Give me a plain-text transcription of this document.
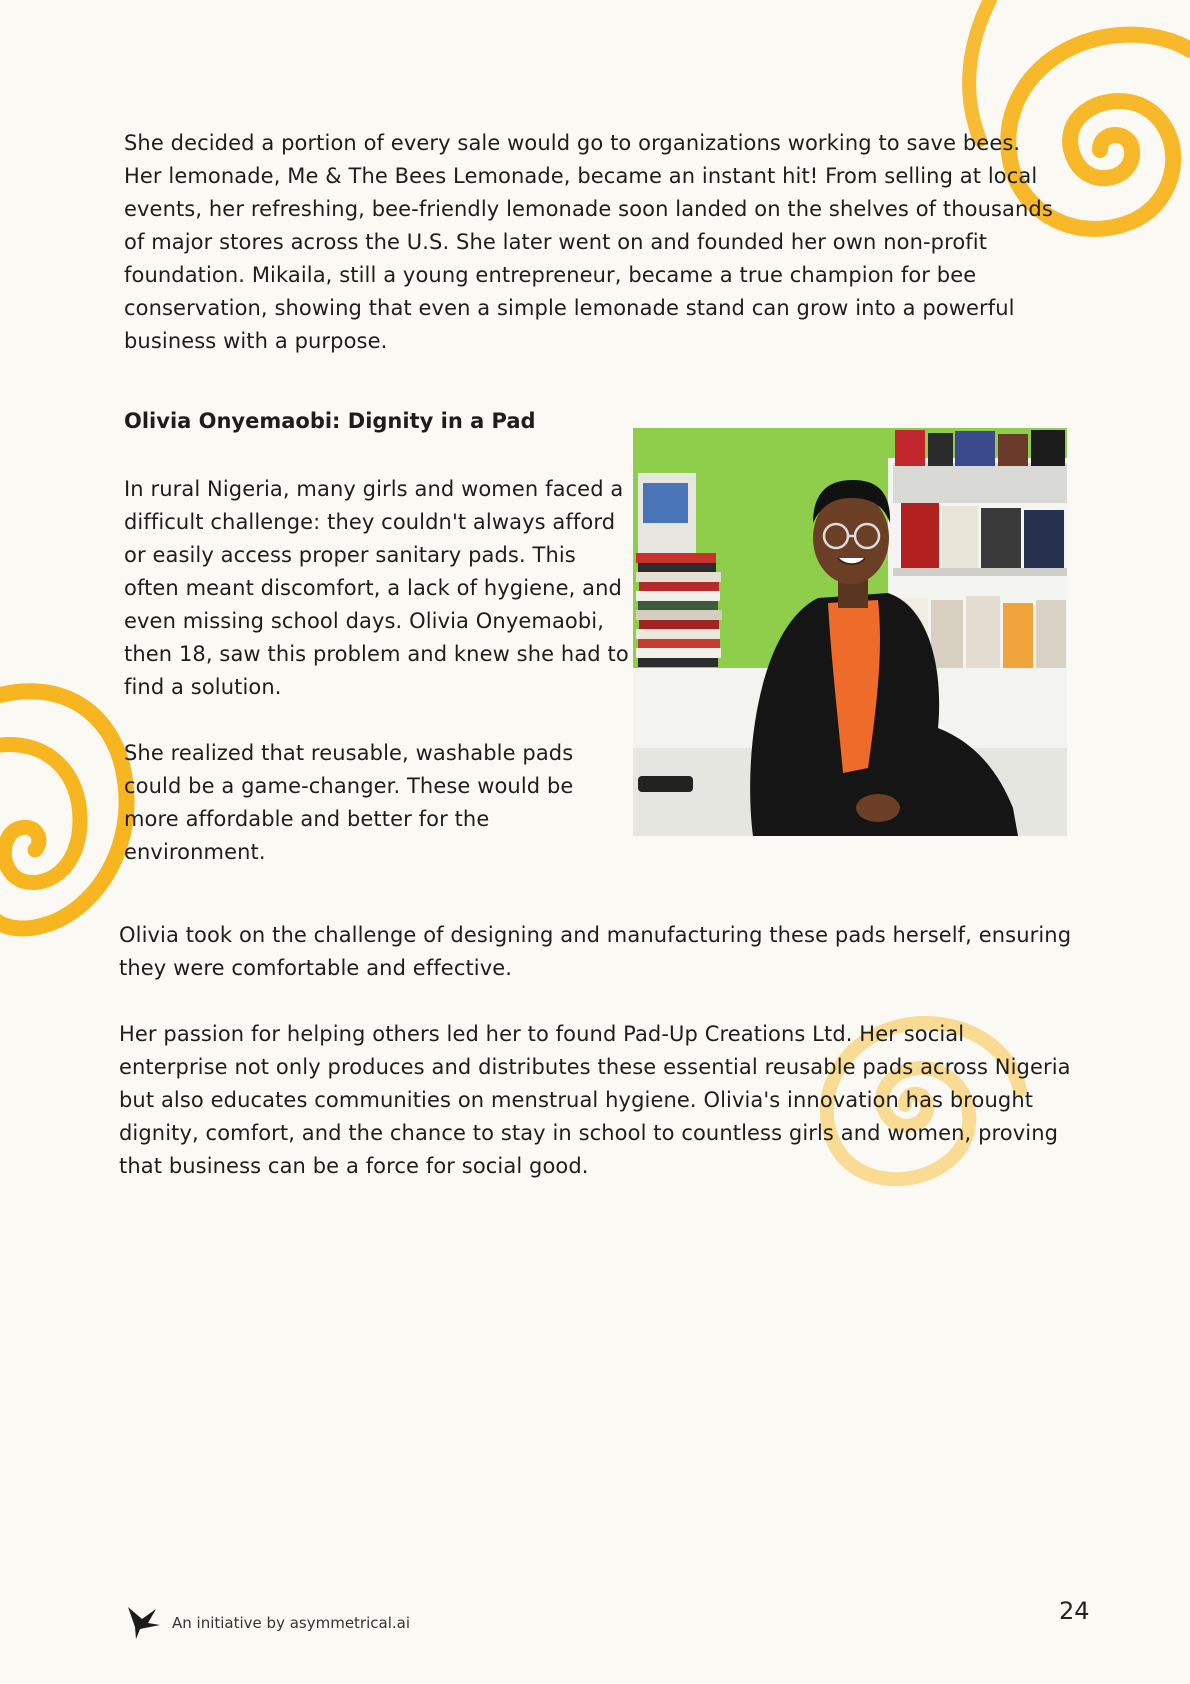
She decided a portion of every sale would go to organizations working to save bees.

Her lemonade, Me & The Bees Lemonade, became an instant hit! From selling at local events, her refreshing, bee-friendly lemonade soon landed on the shelves of thousands of major stores across the U.S. She later went on and founded her own non-profit foundation. Mikaila, still a young entrepreneur, became a true champion for bee conservation, showing that even a simple lemonade stand can grow into a powerful business with a purpose.

Olivia Onyemaobi: Dignity in a Pad

In rural Nigeria, many girls and women faced a difficult challenge: they couldn't always afford or easily access proper sanitary pads. This often meant discomfort, a lack of hygiene, and even missing school days. Olivia Onyemaobi, then 18, saw this problem and knew she had to find a solution.

She realized that reusable, washable pads could be a game-changer. These would be more affordable and better for the environment.

Olivia took on the challenge of designing and manufacturing these pads herself, ensuring they were comfortable and effective.

Her passion for helping others led her to found Pad-Up Creations Ltd. Her social enterprise not only produces and distributes these essential reusable pads across Nigeria but also educates communities on menstrual hygiene. Olivia's innovation has brought dignity, comfort, and the chance to stay in school to countless girls and women, proving that business can be a force for social good.

An initiative by asymmetrical.ai	24
